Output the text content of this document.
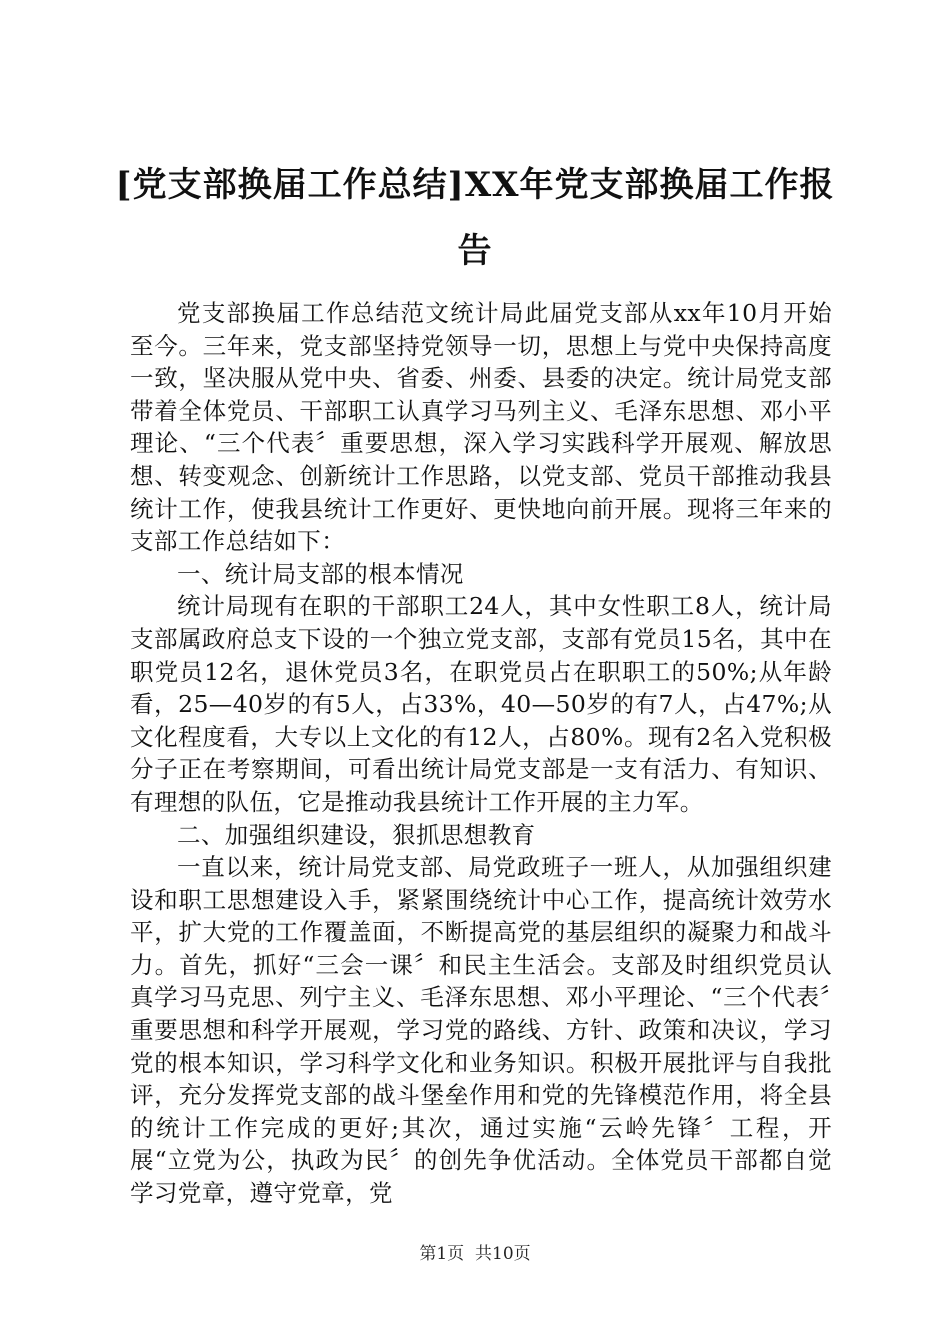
[党支部换届工作总结]XX年党支部换届工作报告

党支部换届工作总结范文统计局此届党支部从xx年10月开始至今。三年来，党支部坚持党领导一切，思想上与党中央保持高度一致，坚决服从党中央、省委、州委、县委的决定。统计局党支部带着全体党员、干部职工认真学习马列主义、毛泽东思想、邓小平理论、“三个代表〞重要思想，深入学习实践科学开展观、解放思想、转变观念、创新统计工作思路，以党支部、党员干部推动我县统计工作，使我县统计工作更好、更快地向前开展。现将三年来的支部工作总结如下：

一、统计局支部的根本情况

统计局现有在职的干部职工24人，其中女性职工8人，统计局支部属政府总支下设的一个独立党支部，支部有党员15名，其中在职党员12名，退休党员3名，在职党员占在职职工的50%;从年龄看，25—40岁的有5人，占33%，40—50岁的有7人，占47%;从文化程度看，大专以上文化的有12人，占80%。现有2名入党积极分子正在考察期间，可看出统计局党支部是一支有活力、有知识、有理想的队伍，它是推动我县统计工作开展的主力军。

二、加强组织建设，狠抓思想教育

一直以来，统计局党支部、局党政班子一班人，从加强组织建设和职工思想建设入手，紧紧围绕统计中心工作，提高统计效劳水平，扩大党的工作覆盖面，不断提高党的基层组织的凝聚力和战斗力。首先，抓好“三会一课〞和民主生活会。支部及时组织党员认真学习马克思、列宁主义、毛泽东思想、邓小平理论、“三个代表〞重要思想和科学开展观，学习党的路线、方针、政策和决议，学习党的根本知识，学习科学文化和业务知识。积极开展批评与自我批评，充分发挥党支部的战斗堡垒作用和党的先锋模范作用，将全县的统计工作完成的更好;其次，通过实施“云岭先锋〞工程，开展“立党为公，执政为民〞的创先争优活动。全体党员干部都自觉学习党章，遵守党章，党

第1页 共10页
